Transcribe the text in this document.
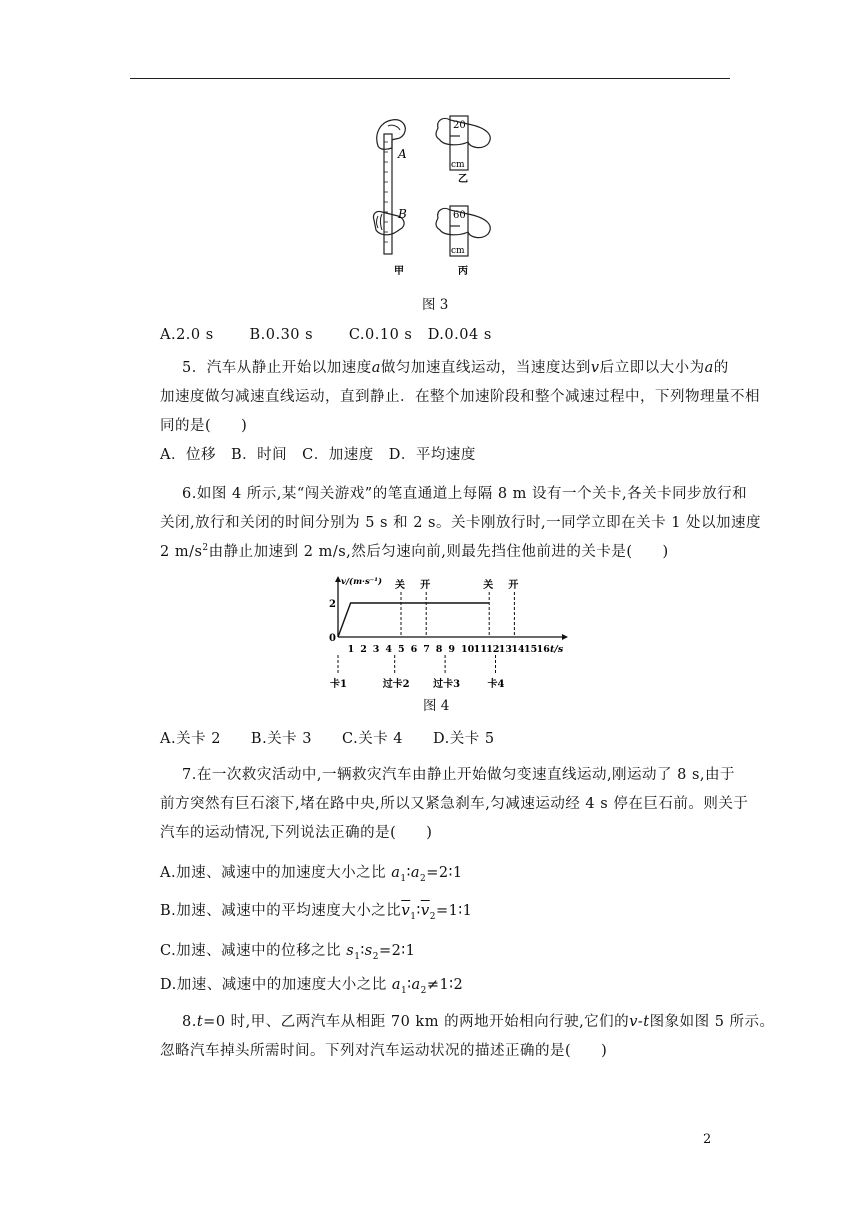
A
B
甲
20
cm
乙
60
cm
丙
图 3
A.2.0 s B.0.30 s C.0.10 s D.0.04 s
5．汽车从静止开始以加速度a做匀加速直线运动，当速度达到v后立即以大小为a的
加速度做匀减速直线运动，直到静止．在整个加速阶段和整个减速过程中，下列物理量不相
同的是(　　)
A．位移　B．时间　C．加速度　D．平均速度
6.如图 4 所示,某“闯关游戏”的笔直通道上每隔 8 m 设有一个关卡,各关卡同步放行和
关闭,放行和关闭的时间分别为 5 s 和 2 s。关卡刚放行时,一同学立即在关卡 1 处以加速度
2 $m/s^2$由静止加速到 2 m/s,然后匀速向前,则最先挡住他前进的关卡是(　　)
v/(m·s⁻¹)
2
0
t/s
1 2 3 4 5 6 7 8 9 10 11 12 13 14 15 16
关 开	关 开
卡1	过卡2 过卡3	卡4
图 4
A.关卡 2　　B.关卡 3　　C.关卡 4　　D.关卡 5
7.在一次救灾活动中,一辆救灾汽车由静止开始做匀变速直线运动,刚运动了 8 s,由于
前方突然有巨石滚下,堵在路中央,所以又紧急刹车,匀减速运动经 4 s 停在巨石前。则关于
汽车的运动情况,下列说法正确的是(　　)
A.加速、减速中的加速度大小之比 $a_1∶a_2=2∶1$
B.加速、减速中的平均速度大小之比$\overline{v}_1∶\overline{v}_2=1∶1$
C.加速、减速中的位移之比 $s_1∶s_2=2∶1$
D.加速、减速中的加速度大小之比 $a_1∶a_2\ne 1∶2$
8.t=0 时,甲、乙两汽车从相距 70 km 的两地开始相向行驶,它们的v-t图象如图 5 所示。
忽略汽车掉头所需时间。下列对汽车运动状况的描述正确的是(　　)
2
